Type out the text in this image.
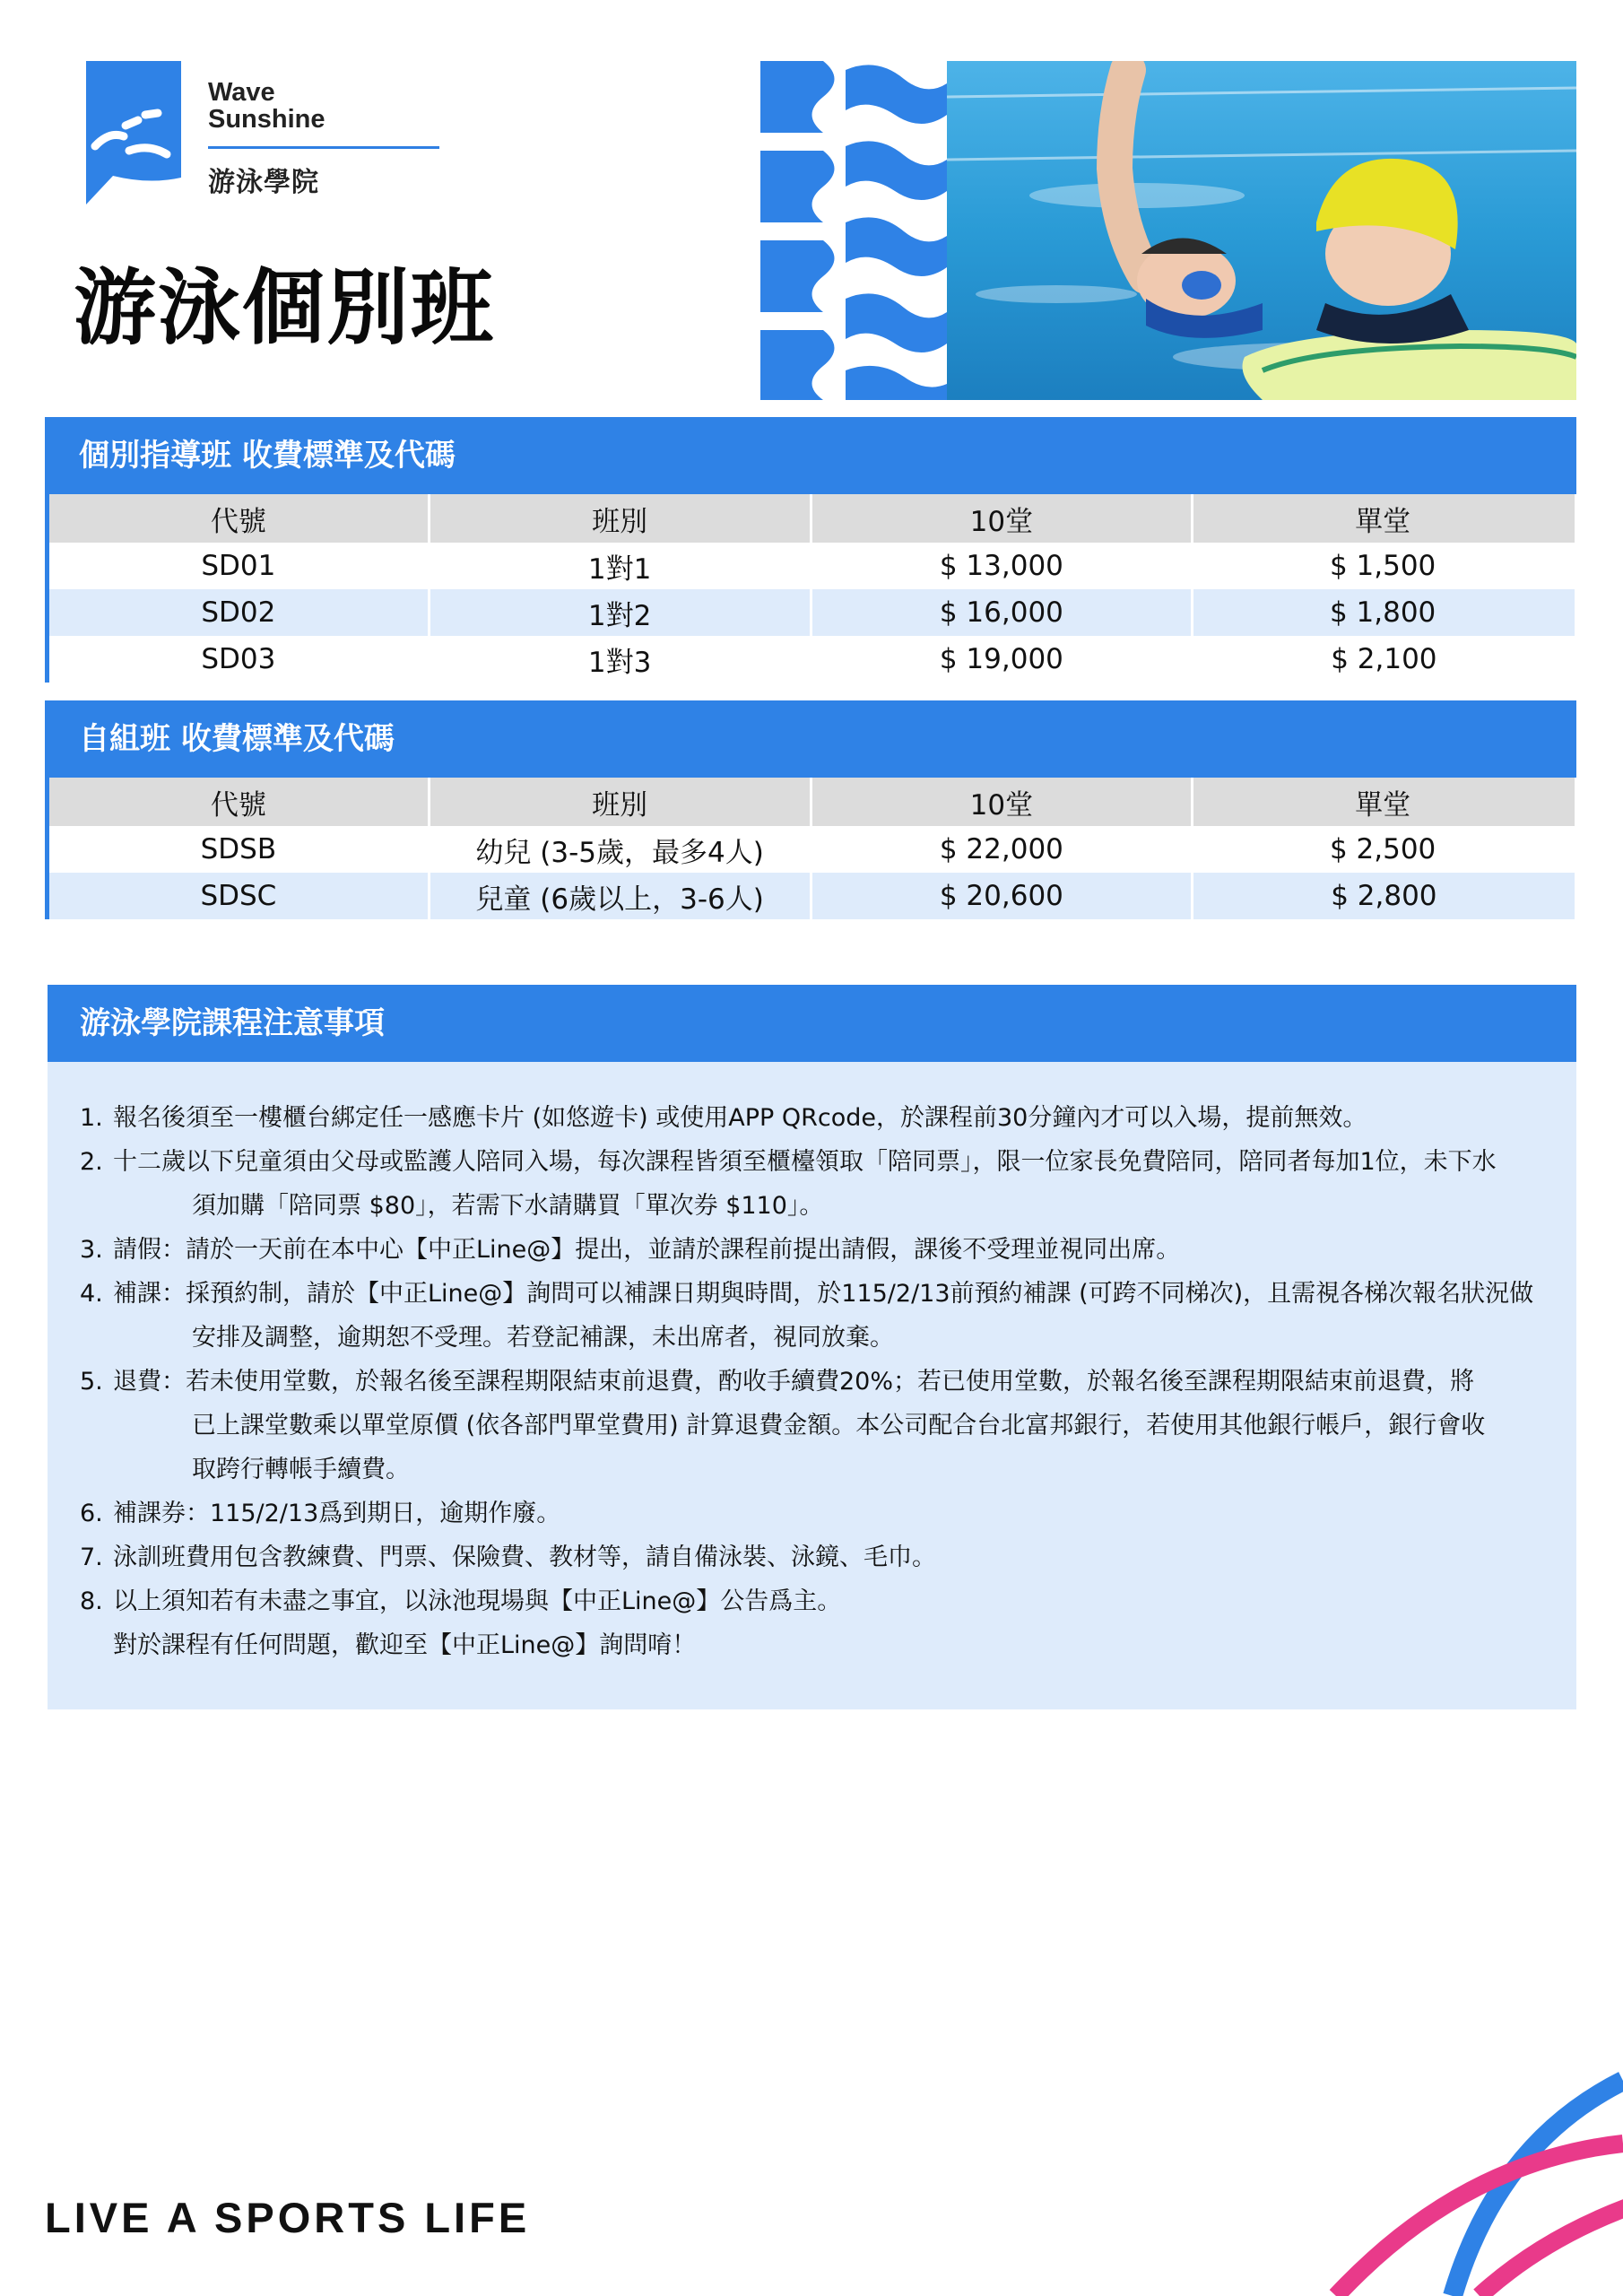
Wave
Sunshine
游泳學院
游泳個別班
個別指導班 收費標準及代碼
代號	班別	10堂	單堂
SD01	1對1	$ 13,000	$ 1,500
SD02	1對2	$ 16,000	$ 1,800
SD03	1對3	$ 19,000	$ 2,100
自組班 收費標準及代碼
代號	班別	10堂	單堂
SDSB	幼兒 (3-5歲，最多4人)	$ 22,000	$ 2,500
SDSC	兒童 (6歲以上，3-6人)	$ 20,600	$ 2,800
游泳學院課程注意事項
1. 報名後須至一樓櫃台綁定任一感應卡片 (如悠遊卡) 或使用APP QRcode，於課程前30分鐘內才可以入場，提前無效。
2. 十二歲以下兒童須由父母或監護人陪同入場，每次課程皆須至櫃檯領取「陪同票」，限一位家長免費陪同，陪同者每加1位，未下水
須加購「陪同票 $80」，若需下水請購買「單次券 $110」。
3. 請假：請於一天前在本中心【中正Line@】提出，並請於課程前提出請假，課後不受理並視同出席。
4. 補課：採預約制，請於【中正Line@】詢問可以補課日期與時間，於115/2/13前預約補課 (可跨不同梯次)，且需視各梯次報名狀況做
安排及調整，逾期恕不受理。若登記補課，未出席者，視同放棄。
5. 退費：若未使用堂數，於報名後至課程期限結束前退費，酌收手續費20%；若已使用堂數，於報名後至課程期限結束前退費，將
已上課堂數乘以單堂原價 (依各部門單堂費用) 計算退費金額。本公司配合台北富邦銀行，若使用其他銀行帳戶，銀行會收
取跨行轉帳手續費。
6. 補課券：115/2/13爲到期日，逾期作廢。
7. 泳訓班費用包含教練費、門票、保險費、教材等，請自備泳裝、泳鏡、毛巾。
8. 以上須知若有未盡之事宜，以泳池現場與【中正Line@】公告爲主。
對於課程有任何問題，歡迎至【中正Line@】詢問唷！
LIVE A SPORTS LIFE
